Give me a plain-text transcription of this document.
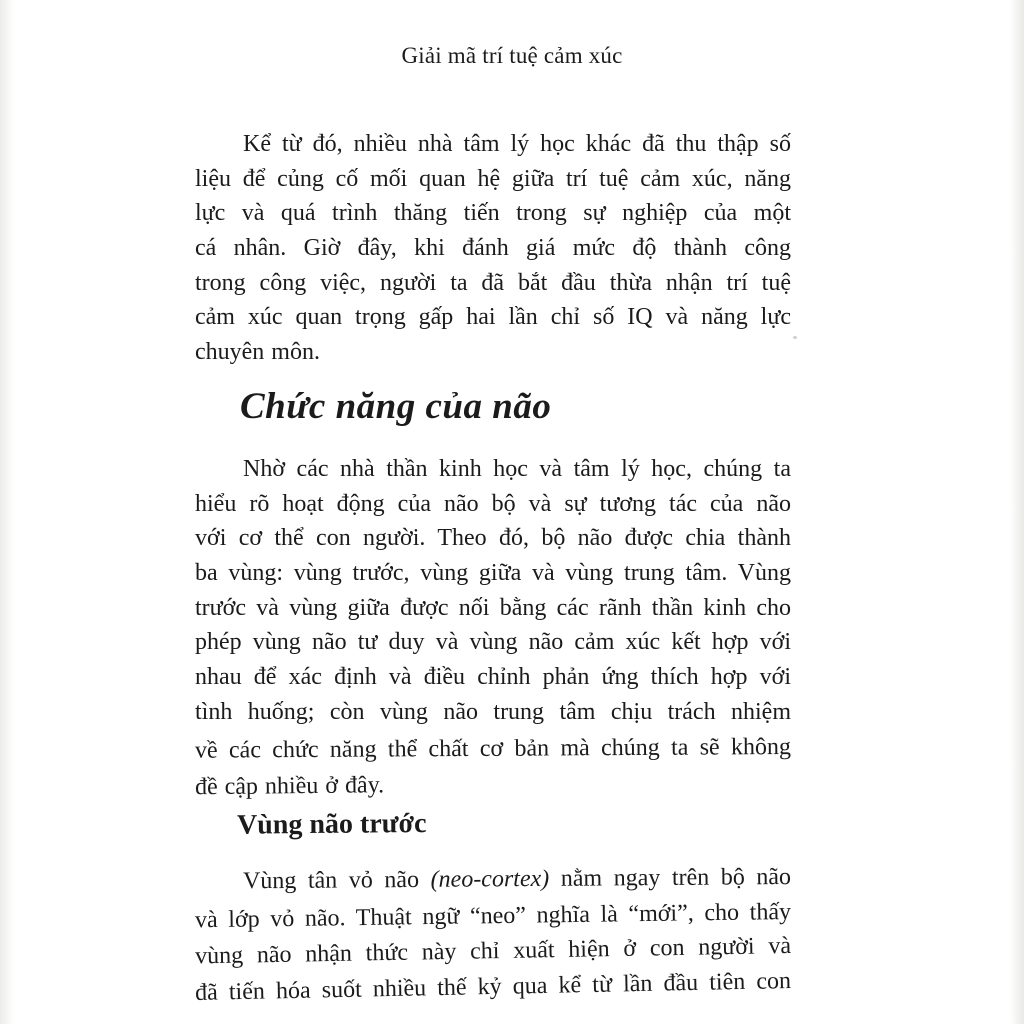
Giải mã trí tuệ cảm xúc
Kể từ đó, nhiều nhà tâm lý học khác đã thu thập số
liệu để củng cố mối quan hệ giữa trí tuệ cảm xúc, năng
lực và quá trình thăng tiến trong sự nghiệp của một
cá nhân. Giờ đây, khi đánh giá mức độ thành công
trong công việc, người ta đã bắt đầu thừa nhận trí tuệ
cảm xúc quan trọng gấp hai lần chỉ số IQ và năng lực
chuyên môn.
Chức năng của não
Nhờ các nhà thần kinh học và tâm lý học, chúng ta
hiểu rõ hoạt động của não bộ và sự tương tác của não
với cơ thể con người. Theo đó, bộ não được chia thành
ba vùng: vùng trước, vùng giữa và vùng trung tâm. Vùng
trước và vùng giữa được nối bằng các rãnh thần kinh cho
phép vùng não tư duy và vùng não cảm xúc kết hợp với
nhau để xác định và điều chỉnh phản ứng thích hợp với
tình huống; còn vùng não trung tâm chịu trách nhiệm
về các chức năng thể chất cơ bản mà chúng ta sẽ không
đề cập nhiều ở đây.
Vùng não trước
Vùng tân vỏ não (neo-cortex) nằm ngay trên bộ não
và lớp vỏ não. Thuật ngữ “neo” nghĩa là “mới”, cho thấy
vùng não nhận thức này chỉ xuất hiện ở con người và
đã tiến hóa suốt nhiều thế kỷ qua kể từ lần đầu tiên con
